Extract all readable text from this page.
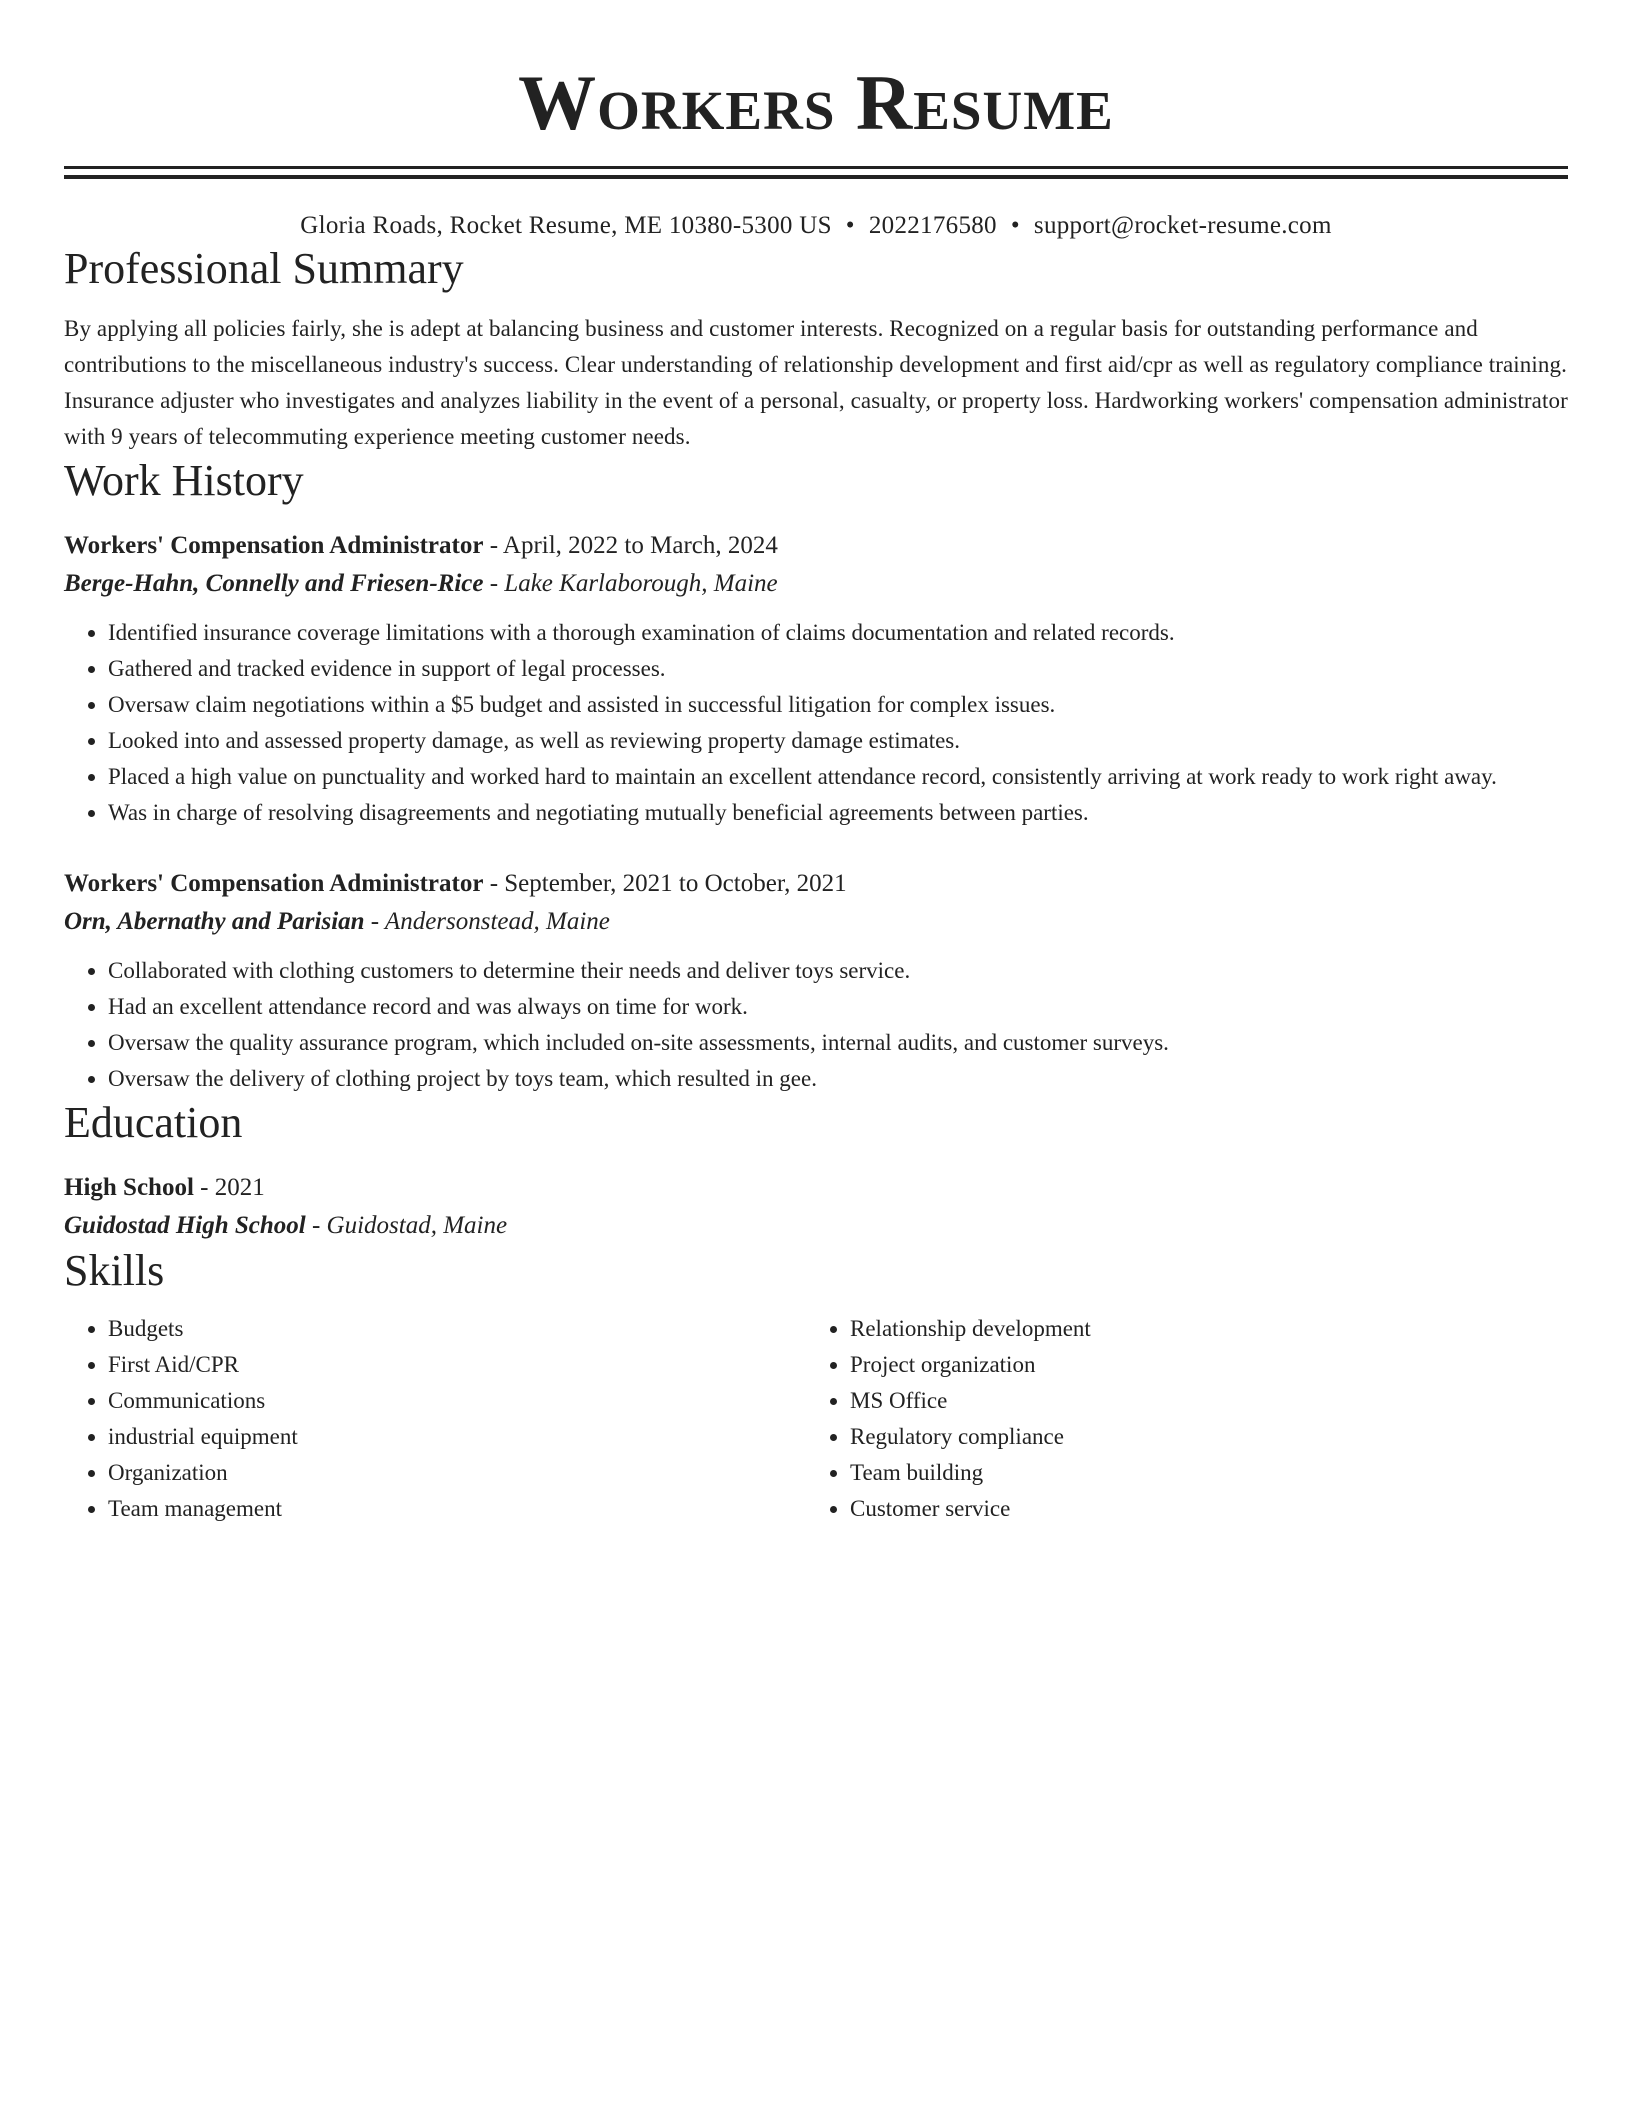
Workers Resume
Gloria Roads, Rocket Resume, ME 10380-5300 US • 2022176580 • support@rocket-resume.com
Professional Summary
By applying all policies fairly, she is adept at balancing business and customer interests. Recognized on a regular basis for outstanding performance and contributions to the miscellaneous industry's success. Clear understanding of relationship development and first aid/cpr as well as regulatory compliance training. Insurance adjuster who investigates and analyzes liability in the event of a personal, casualty, or property loss. Hardworking workers' compensation administrator with 9 years of telecommuting experience meeting customer needs.
Work History
Workers' Compensation Administrator - April, 2022 to March, 2024
Berge-Hahn, Connelly and Friesen-Rice - Lake Karlaborough, Maine
• Identified insurance coverage limitations with a thorough examination of claims documentation and related records.
• Gathered and tracked evidence in support of legal processes.
• Oversaw claim negotiations within a $5 budget and assisted in successful litigation for complex issues.
• Looked into and assessed property damage, as well as reviewing property damage estimates.
• Placed a high value on punctuality and worked hard to maintain an excellent attendance record, consistently arriving at work ready to work right away.
• Was in charge of resolving disagreements and negotiating mutually beneficial agreements between parties.
Workers' Compensation Administrator - September, 2021 to October, 2021
Orn, Abernathy and Parisian - Andersonstead, Maine
• Collaborated with clothing customers to determine their needs and deliver toys service.
• Had an excellent attendance record and was always on time for work.
• Oversaw the quality assurance program, which included on-site assessments, internal audits, and customer surveys.
• Oversaw the delivery of clothing project by toys team, which resulted in gee.
Education
High School - 2021
Guidostad High School - Guidostad, Maine
Skills
• Budgets
• First Aid/CPR
• Communications
• industrial equipment
• Organization
• Team management
• Relationship development
• Project organization
• MS Office
• Regulatory compliance
• Team building
• Customer service
